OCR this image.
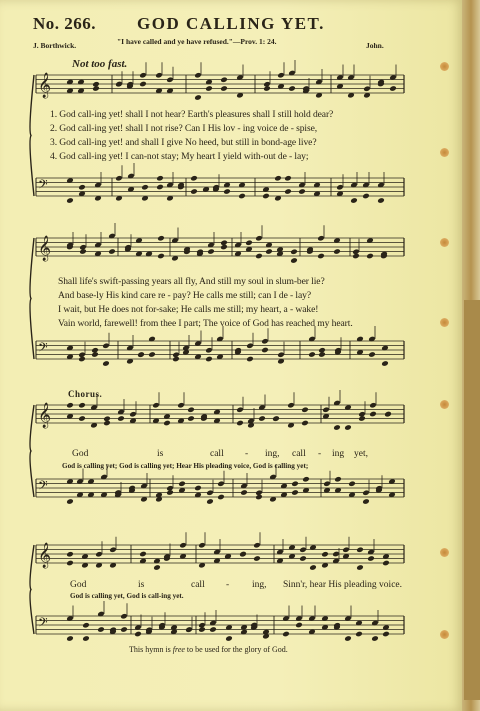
No. 266. GOD CALLING YET.
J. Borthwick.	"I have called and ye have refused."—Prov. 1: 24.	John.
Not too fast.
𝄞
𝄢
𝄞
𝄢
𝄞
𝄢
𝄞
𝄢
1. God call-ing yet! shall I not hear? Earth's pleasures shall I still hold dear?
2. God call-ing yet! shall I not rise? Can I His lov - ing voice de - spise,
3. God call-ing yet! and shall I give No heed, but still in bond-age live?
4. God call-ing yet! I can-not stay; My heart I yield with-out de - lay;
Shall life's swift-passing years all fly, And still my soul in slum-ber lie?
And base-ly His kind care re - pay? He calls me still; can I de - lay?
I wait, but He does not for-sake; He calls me still; my heart, a - wake!
Vain world, farewell! from thee I part; The voice of God has reached my heart.
Chorus.
God	is	call - ing, call - ing yet,
God is calling yet; God is calling yet; Hear His pleading voice, God is calling yet;
God	is	call - ing, Sinn'r, hear His pleading voice.
God is calling yet, God is call-ing yet.
This hymn is free to be used for the glory of God.
